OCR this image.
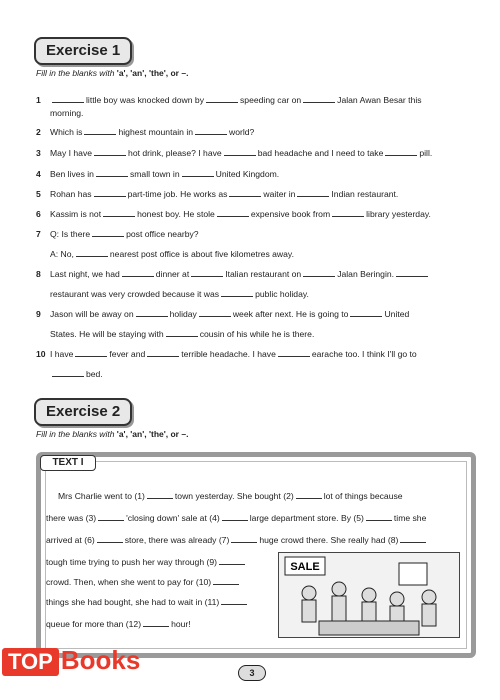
Exercise 1
Fill in the blanks with 'a', 'an', 'the', or –.
1	little boy was knocked down by	speeding car on	Jalan Awan Besar this
morning.
2 Which is	highest mountain in	world?
3 May I have	hot drink, please? I have	bad headache and I need to take	pill.
4 Ben lives in	small town in	United Kingdom.
5 Rohan has	part-time job. He works as	waiter in	Indian restaurant.
6 Kassim is not	honest boy. He stole	expensive book from	library yesterday.
7 Q: Is there	post office nearby?
A: No,	nearest post office is about five kilometres away.
8 Last night, we had	dinner at	Italian restaurant on	Jalan Beringin.
restaurant was very crowded because it was	public holiday.
9 Jason will be away on	holiday	week after next. He is going to	United
States. He will be staying with	cousin of his while he is there.
10 I have	fever and	terrible headache. I have	earache too. I think I'll go to
bed.
Exercise 2
Fill in the blanks with 'a', 'an', 'the', or –.
TEXT I
Mrs Charlie went to (1)	town yesterday. She bought (2)	lot of things because
there was (3)	'closing down' sale at (4)	large department store. By (5)	time she
arrived at (6)	store, there was already (7)	huge crowd there. She really had (8)
tough time trying to push her way through (9)
crowd. Then, when she went to pay for (10)
things she had bought, she had to wait in (11)
queue for more than (12)	hour!
SALE
TOP Books	3
